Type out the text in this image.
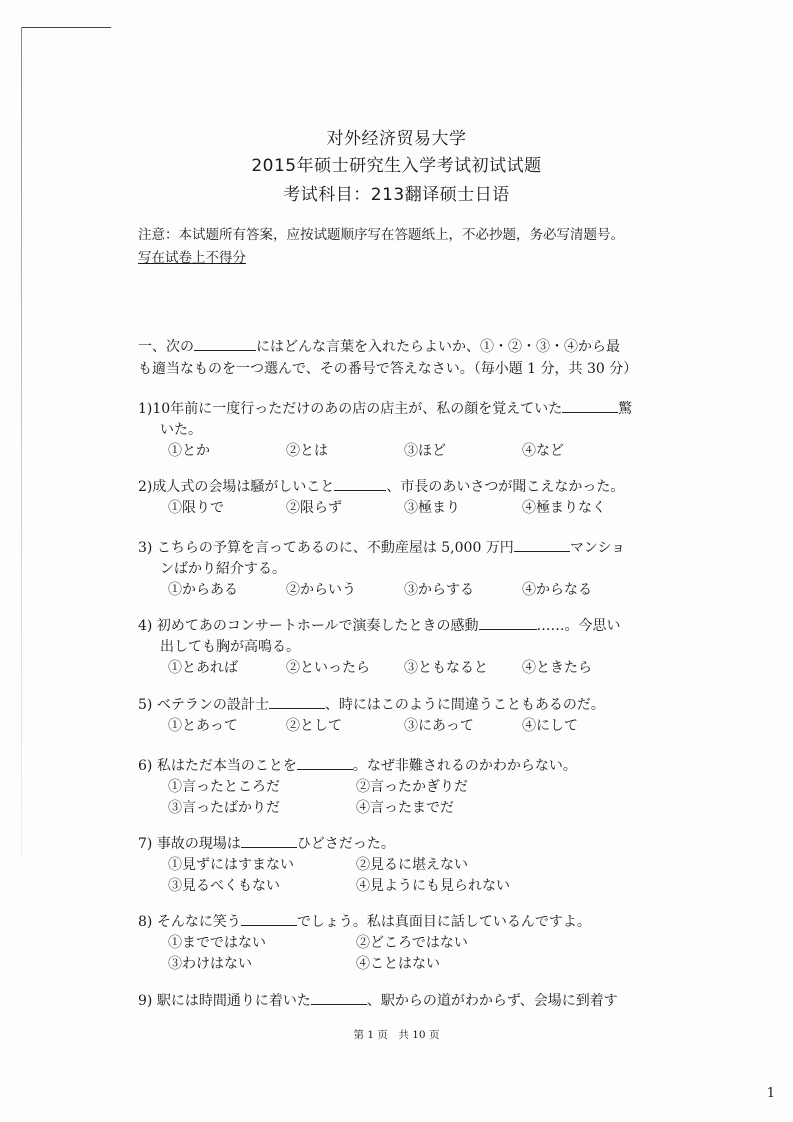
对外经济贸易大学
2015年硕士研究生入学考试初试试题
考试科目：213翻译硕士日语
注意：本试题所有答案，应按试题顺序写在答题纸上，不必抄题，务必写清题号。
写在试卷上不得分
一、次の	にはどんな言葉を入れたらよいか、①・②・③・④から最
も適当なものを一つ選んで、その番号で答えなさい。（毎小題 1 分，共 30 分）
1)10年前に一度行っただけのあの店の店主が、私の顔を覚えていた	驚
いた。
①とか	②とは	③ほど	④など
2)成人式の会場は騒がしいこと	、市長のあいさつが聞こえなかった。
①限りで	②限らず	③極まり	④極まりなく
3) こちらの予算を言ってあるのに、不動産屋は 5,000 万円	マンショ
ンばかり紹介する。
①からある	②からいう	③からする	④からなる
4) 初めてあのコンサートホールで演奏したときの感動	……。今思い
出しても胸が高鳴る。
①とあれば	②といったら	③ともなると	④ときたら
5) ベテランの設計士	、時にはこのように間違うこともあるのだ。
①とあって	②として	③にあって	④にして
6) 私はただ本当のことを	。なぜ非難されるのかわからない。
①言ったところだ	②言ったかぎりだ
③言ったばかりだ	④言ったまでだ
7) 事故の現場は	ひどさだった。
①見ずにはすまない	②見るに堪えない
③見るべくもない	④見ようにも見られない
8) そんなに笑う	でしょう。私は真面目に話しているんですよ。
①までではない	②どころではない
③わけはない	④ことはない
9) 駅には時間通りに着いた	、駅からの道がわからず、会場に到着す
第 1 页　共 10 页
1
